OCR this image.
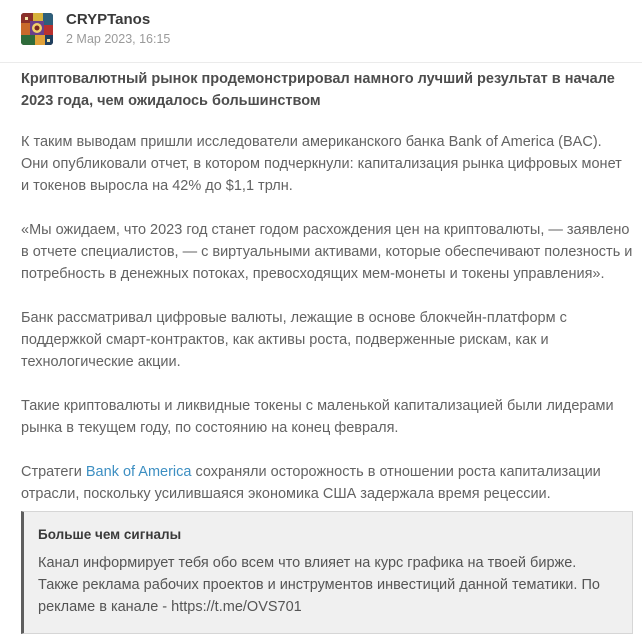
CRYPTanos
2 Мар 2023, 16:15

Криптовалютный рынок продемонстрировал намного лучший результат в начале 2023 года, чем ожидалось большинством

К таким выводам пришли исследователи американского банка Bank of America (BAC). Они опубликовали отчет, в котором подчеркнули: капитализация рынка цифровых монет и токенов выросла на 42% до $1,1 трлн.

«Мы ожидаем, что 2023 год станет годом расхождения цен на криптовалюты, — заявлено в отчете специалистов, — с виртуальными активами, которые обеспечивают полезность и потребность в денежных потоках, превосходящих мем-монеты и токены управления».

Банк рассматривал цифровые валюты, лежащие в основе блокчейн-платформ с поддержкой смарт-контрактов, как активы роста, подверженные рискам, как и технологические акции.

Такие криптовалюты и ликвидные токены с маленькой капитализацией были лидерами рынка в текущем году, по состоянию на конец февраля.

Стратеги Bank of America сохраняли осторожность в отношении роста капитализации отрасли, поскольку усилившаяся экономика США задержала время рецессии.

Больше чем сигналы
Канал информирует тебя обо всем что влияет на курс графика на твоей бирже. Также реклама рабочих проектов и инструментов инвестиций данной тематики. По рекламе в канале - https://t.me/OVS701
